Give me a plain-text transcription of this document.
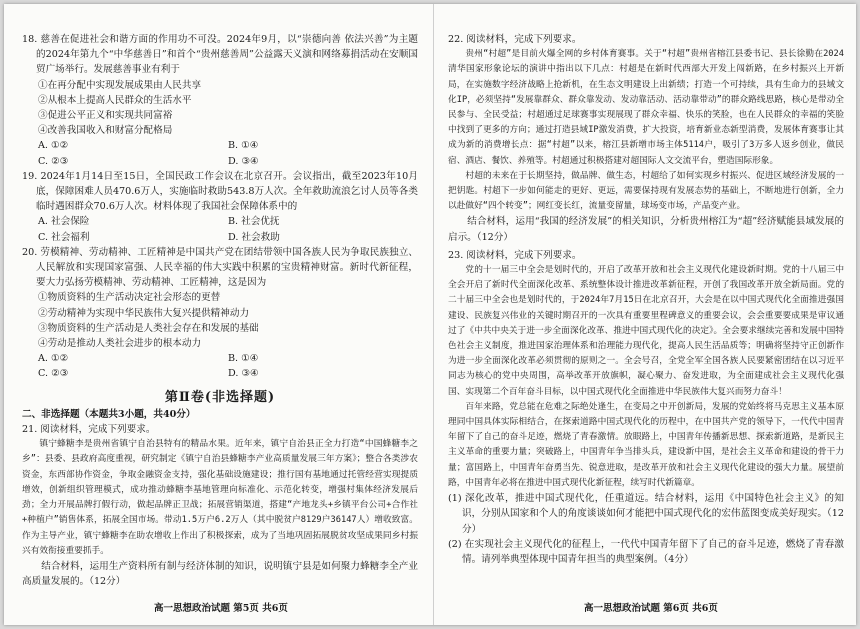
18. 慈善在促进社会和谐方面的作用功不可没。2024年9月，以“崇德向善 依法兴善”为主题的2024年第九个“中华慈善日”和首个“贵州慈善周”公益露天义演和网络募捐活动在安顺国贸广场举行。发展慈善事业有利于

①在再分配中实现发展成果由人民共享

②从根本上提高人民群众的生活水平

③促进公平正义和实现共同富裕

④改善我国收入和财富分配格局

A. ①②	B. ①④
C. ②③	D. ③④

19. 2024年1月14日至15日，全国民政工作会议在北京召开。会议指出，截至2023年10月底，保障困难人员470.6万人，实施临时救助543.8万人次。全年救助流浪乞讨人员等各类临时遇困群众70.6万人次。材料体现了我国社会保障体系中的

A. 社会保险	B. 社会优抚
C. 社会福利	D. 社会救助

20. 劳模精神、劳动精神、工匠精神是中国共产党在团结带领中国各族人民为争取民族独立、人民解放和实现国家富强、人民幸福的伟大实践中积累的宝贵精神财富。新时代新征程，要大力弘扬劳模精神、劳动精神、工匠精神，这是因为

①物质资料的生产活动决定社会形态的更替

②劳动精神为实现中华民族伟大复兴提供精神动力

③物质资料的生产活动是人类社会存在和发展的基础

④劳动是推动人类社会进步的根本动力

A. ①②	B. ①④
C. ②③	D. ③④
第Ⅱ卷(非选择题)

二、非选择题（本题共3小题，共40分）

21. 阅读材料，完成下列要求。

镇宁蜂糖李是贵州省镇宁自治县特有的精品水果。近年来，镇宁自治县正全力打造“中国蜂糖李之乡”：县委、县政府高度重视，研究制定《镇宁自治县蜂糖李产业高质量发展三年方案》；整合各类涉农资金，东西部协作资金，争取金融资金支持，强化基础设施建设；推行国有基地通过托管经营实现提质增效，创新组织管理模式，成功推动蜂糖李基地管理向标准化、示范化转变，增强村集体经济发展后劲；全力开展品牌打假行动，做起品牌正卫战；拓展营销渠道，搭建“产地龙头+乡镇平台公司+合作社+种植户”销售体系，拓展全国市场。带动1.5万户6.2万人（其中脱贫户8129户36147人）增收致富。作为主导产业，镇宁蜂糖李在助农增收上作出了积极探索，成为了当地巩固拓展脱贫攻坚成果同乡村振兴有效衔接重要抓手。

结合材料，运用生产资料所有制与经济体制的知识，说明镇宁县是如何聚力蜂糖李全产业高质量发展的。（12分）

22. 阅读材料，完成下列要求。

贵州“村超”是目前火爆全网的乡村体育赛事。关于“村超”贵州省榕江县委书记、县长徐勤在2024清华国家形象论坛的演讲中指出以下几点：村超是在新时代西部大开发上闯新路，在乡村振兴上开新局，在实施数字经济战略上抢新机，在生态文明建设上出新绩；打造一个可持续，具有生命力的县域文化IP，必须坚持“发展靠群众、群众靠发动、发动靠活动、活动靠带动”的群众路线思路，核心是带动全民参与、全民受益；村超通过足球赛事实现展现了群众幸福、快乐的笑脸，也在人民群众的幸福的笑脸中找到了更多的方向；通过打造县域IP激发消费，扩大投资，培育新业态新型消费，发展体育赛事让其成为新的消费增长点：据“村超”以来，榕江县新增市场主体5114户，吸引了3万多人返乡创业，做民宿、酒店、餐饮、养殖等。村超通过积极搭建对超国际人文交流平台，塑造国际形象。

村超的未来在于长期坚持，做品牌、做生态，村超给了如何实现乡村振兴、促进区域经济发展的一把钥匙。村超下一步如何能走的更好、更远，需要保持现有发展态势的基础上，不断地进行创新，全力以赴做好“四个转变”；网红变长红，流量变留量，球场变市场，产品变产业。

结合材料，运用“我国的经济发展”的相关知识，分析贵州榕江为“超”经济赋能县域发展的启示。（12分）

23. 阅读材料，完成下列要求。

党的十一届三中全会是划时代的，开启了改革开放和社会主义现代化建设新时期。党的十八届三中全会开启了新时代全面深化改革、系统整体设计推进改革新征程，开创了我国改革开放全新局面。党的二十届三中全会也是划时代的，于2024年7月15日在北京召开，大会是在以中国式现代化全面推进强国建设、民族复兴伟业的关键时期召开的一次具有重要里程碑意义的重要会议，会会重要要成果是审议通过了《中共中央关于进一步全面深化改革、推进中国式现代化的决定》。全会要求继续完善和发展中国特色社会主义制度，推进国家治理体系和治理能力现代化，提高人民生活品质等；明确将坚持守正创新作为进一步全面深化改革必须贯彻的原则之一。全会号召，全党全军全国各族人民要紧密团结在以习近平同志为核心的党中央周围，高举改革开放旗帜，凝心聚力、奋发进取，为全面建成社会主义现代化强国、实现第二个百年奋斗目标，以中国式现代化全面推进中华民族伟大复兴而努力奋斗！

百年来路，党总能在危难之际绝处逢生，在变局之中开创新局，发展的党始终将马克思主义基本原理同中国具体实际相结合，在探索道路中国式现代化的历程中，在中国共产党的领导下，一代代中国青年留下了自己的奋斗足迹，燃烧了青春激情。放眼路上，中国青年传播新思想、探索新道路，是新民主主义革命的重要力量；突破路上，中国青年争当排头兵，建设新中国，是社会主义革命和建设的骨干力量；富国路上，中国青年奋勇当先、锐意进取，是改革开放和社会主义现代化建设的强大力量。展望前路，中国青年必将在推进中国式现代化新征程，续写时代新篇章。

(1) 深化改革，推进中国式现代化，任重道远。结合材料，运用《中国特色社会主义》的知识，分别从国家和个人的角度谈谈如何才能把中国式现代化的宏伟蓝图变成美好现实。（12分）

(2) 在实现社会主义现代化的征程上，一代代中国青年留下了自己的奋斗足迹，燃烧了青春激情。请列举典型体现中国青年担当的典型案例。（4分）

高一思想政治试题 第5页 共6页	高一思想政治试题 第6页 共6页
